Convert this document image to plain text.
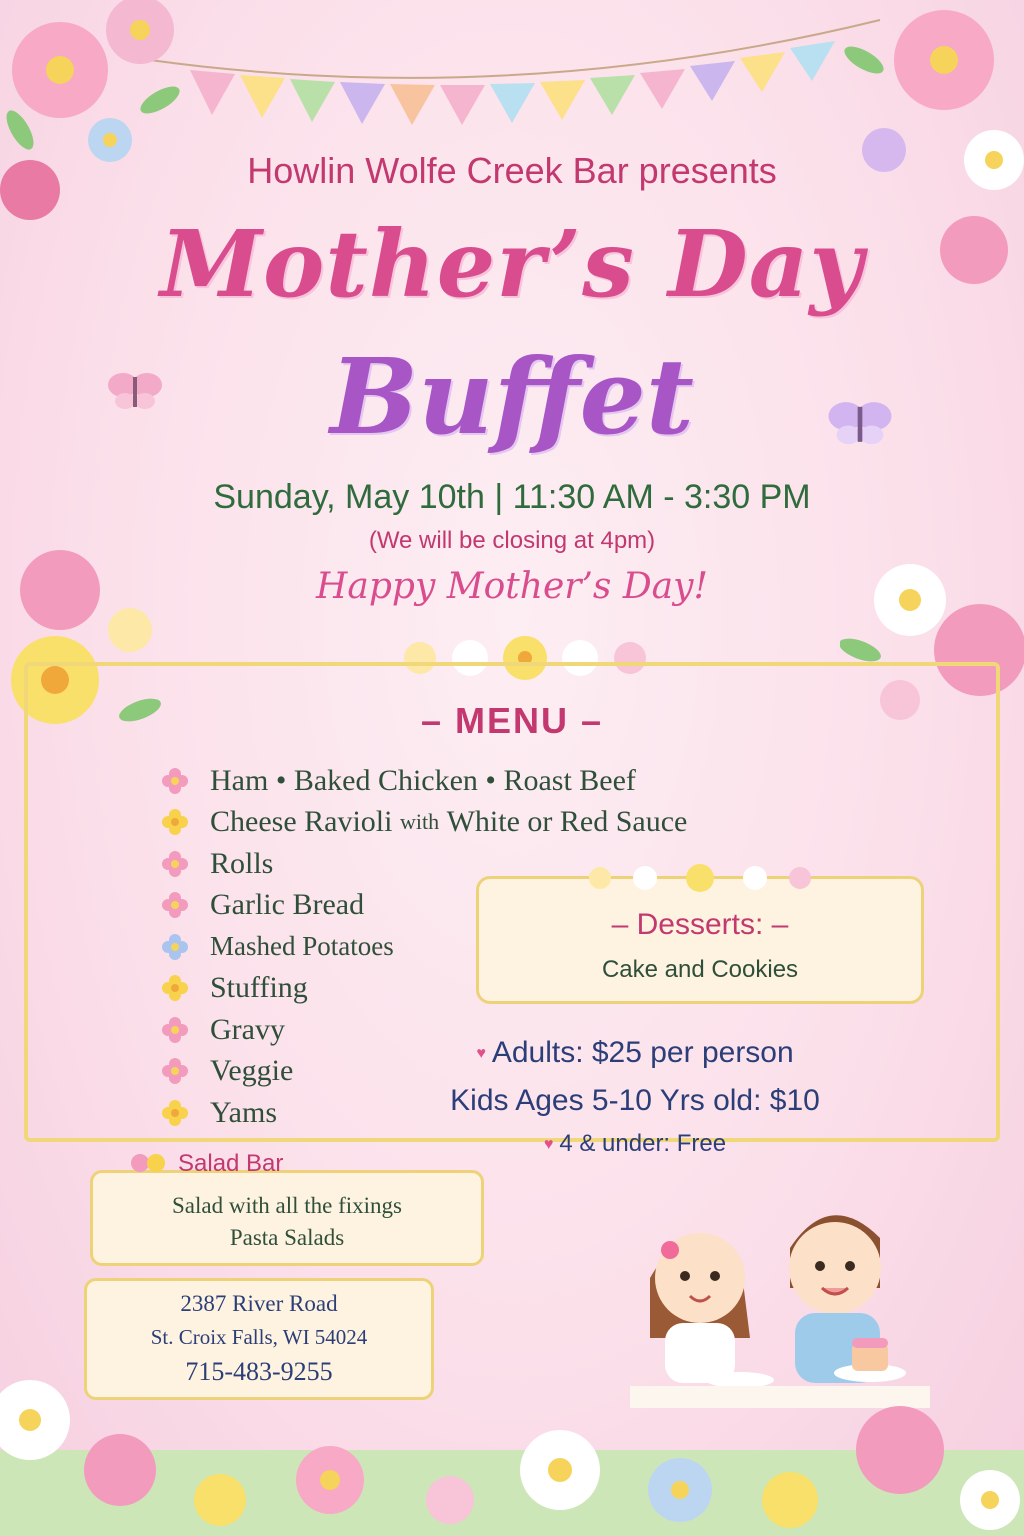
Howlin Wolfe Creek Bar presents
Mother’s Day
Buffet
Sunday, May 10th | 11:30 AM - 3:30 PM
(We will be closing at 4pm)
Happy Mother’s Day!
– MENU –
Ham • Baked Chicken • Roast Beef
Cheese Ravioli
with
White or Red Sauce
Rolls
Garlic Bread
Mashed Potatoes
Stuffing
Gravy
Veggie
Yams
– Desserts: –
Cake and Cookies
♥ Adults: $25 per person
Kids Ages 5-10 Yrs old: $10
♥ 4 & under: Free
Salad Bar
Salad with all the fixings
Pasta Salads
2387 River Road
St. Croix Falls, WI 54024
715-483-9255
